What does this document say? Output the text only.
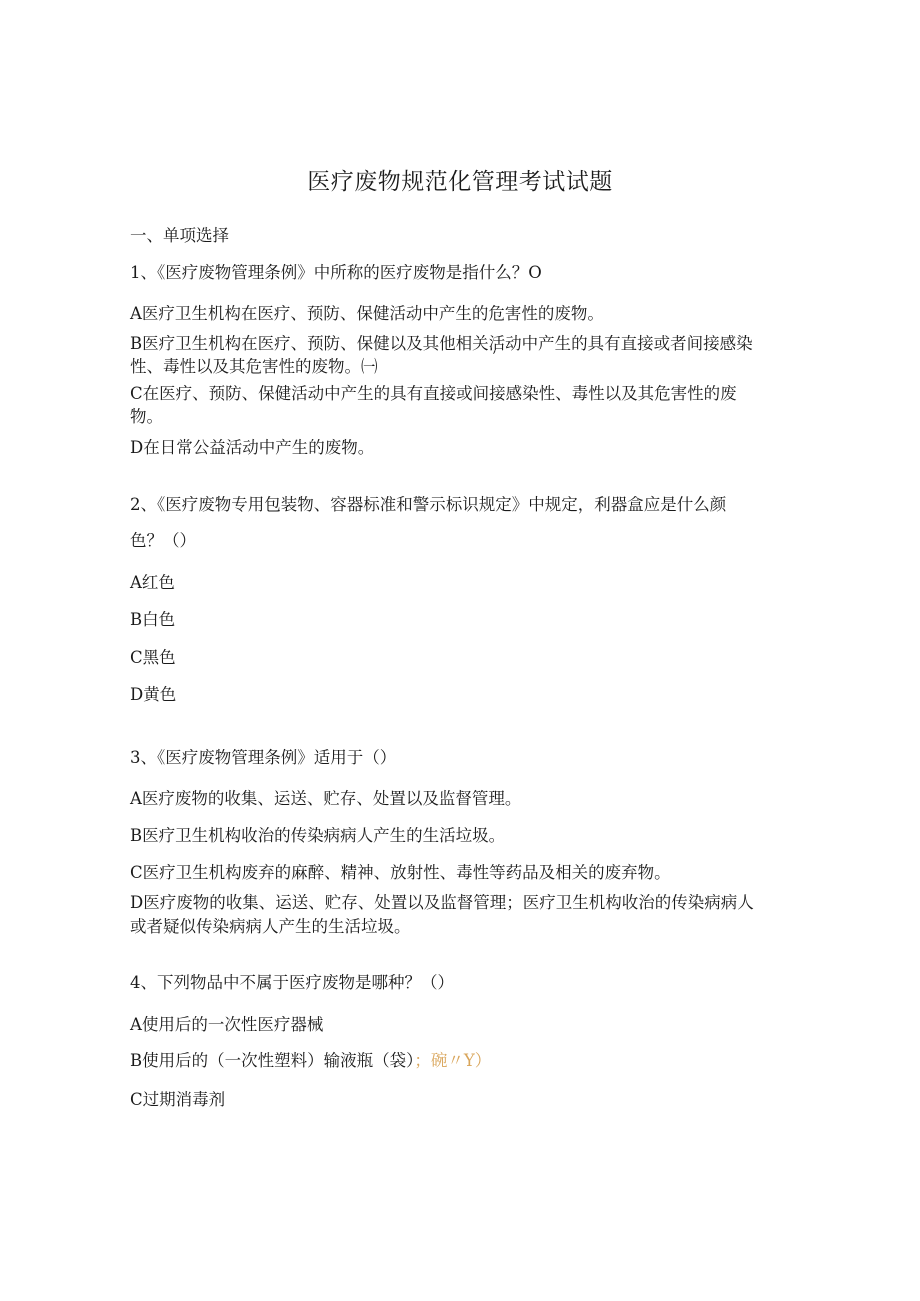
医疗废物规范化管理考试试题
一、单项选择
1、《医疗废物管理条例》中所称的医疗废物是指什么？O
A医疗卫生机构在医疗、预防、保健活动中产生的危害性的废物。
B医疗卫生机构在医疗、预防、保健以及其他相关活动中产生的具有直接或者间接感染
性、毒性以及其危害性的废物。㈠	’
C在医疗、预防、保健活动中产生的具有直接或间接感染性、毒性以及其危害性的废
物。
D在日常公益活动中产生的废物。
2、《医疗废物专用包装物、容器标准和警示标识规定》中规定，利器盒应是什么颜
色？（）
A红色
B白色
C黑色
D黄色
3、《医疗废物管理条例》适用于（）
A医疗废物的收集、运送、贮存、处置以及监督管理。
B医疗卫生机构收治的传染病病人产生的生活垃圾。
C医疗卫生机构废弃的麻醉、精神、放射性、毒性等药品及相关的废弃物。
D医疗废物的收集、运送、贮存、处置以及监督管理；医疗卫生机构收治的传染病病人
或者疑似传染病病人产生的生活垃圾。
4、下列物品中不属于医疗废物是哪种？（）
A使用后的一次性医疗器械
B使用后的（一次性塑料）输液瓶（袋）；碗〃Y）
C过期消毒剂
